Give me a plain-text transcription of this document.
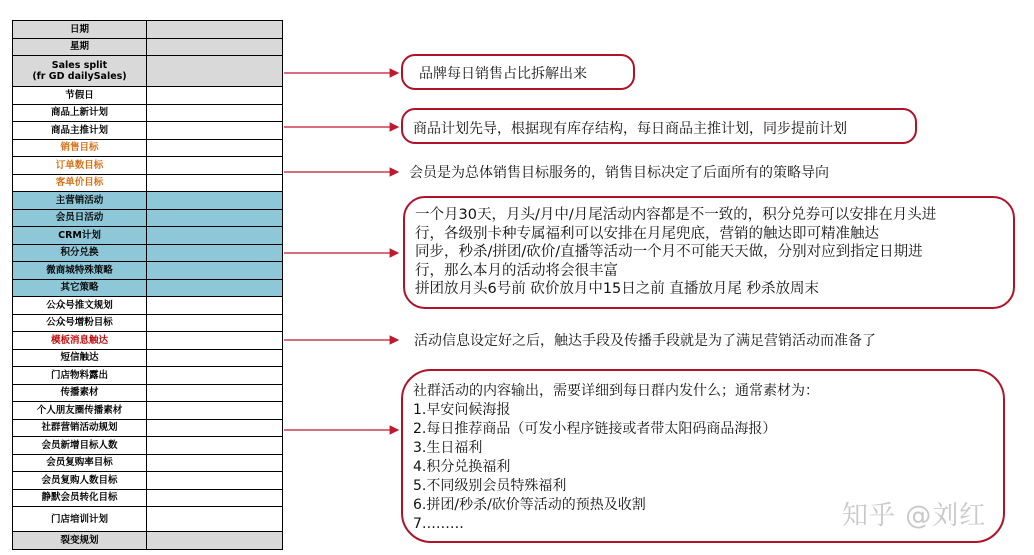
日期	
星期	
Sales split
(fr GD dailySales)	
节假日	
商品上新计划	
商品主推计划	
销售目标	
订单数目标	
客单价目标	
主营销活动	
会员日活动	
CRM计划	
积分兑换	
微商城特殊策略	
其它策略	
公众号推文规划	
公众号增粉目标	
模板消息触达	
短信触达	
门店物料露出	
传播素材	
个人朋友圈传播素材	
社群营销活动规划	
会员新增目标人数	
会员复购率目标	
会员复购人数目标	
静默会员转化目标	
门店培训计划	
裂变规划	
品牌每日销售占比拆解出来
商品计划先导，根据现有库存结构，每日商品主推计划，同步提前计划
会员是为总体销售目标服务的，销售目标决定了后面所有的策略导向
一个月30天，月头/月中/月尾活动内容都是不一致的，积分兑券可以安排在月头进
行，各级别卡种专属福利可以安排在月尾兜底，营销的触达即可精准触达
同步，秒杀/拼团/砍价/直播等活动一个月不可能天天做，分别对应到指定日期进
行，那么本月的活动将会很丰富
拼团放月头6号前 砍价放月中15日之前 直播放月尾 秒杀放周末
活动信息设定好之后，触达手段及传播手段就是为了满足营销活动而准备了
社群活动的内容输出，需要详细到每日群内发什么；通常素材为：
1.早安问候海报
2.每日推荐商品（可发小程序链接或者带太阳码商品海报）
3.生日福利
4.积分兑换福利
5.不同级别会员特殊福利
6.拼团/秒杀/砍价等活动的预热及收割
7………	知乎 @刘红
